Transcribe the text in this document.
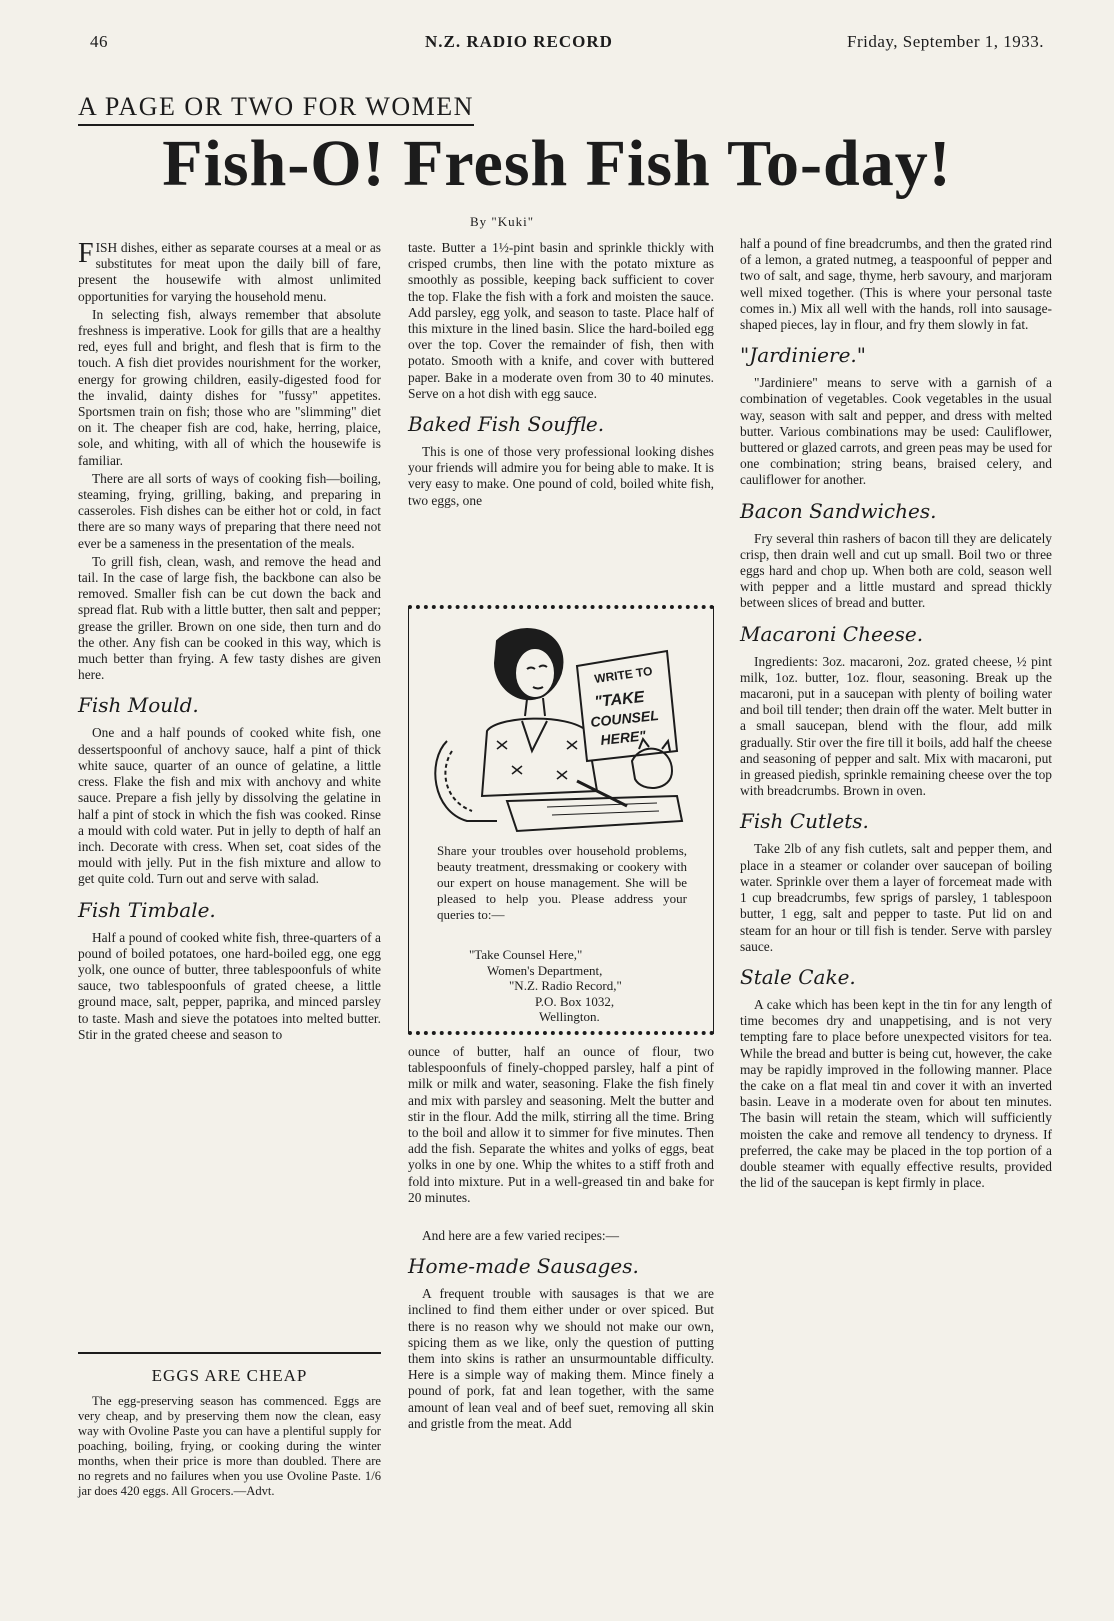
46	N.Z. RADIO RECORD	Friday, September 1, 1933.
A PAGE OR TWO FOR WOMEN
Fish-O! Fresh Fish To-day!
By "Kuki"

FISH dishes, either as separate courses at a meal or as substitutes for meat upon the daily bill of fare, present the housewife with almost unlimited opportunities for varying the household menu.

In selecting fish, always remember that absolute freshness is imperative. Look for gills that are a healthy red, eyes full and bright, and flesh that is firm to the touch. A fish diet provides nourishment for the worker, energy for growing children, easily-digested food for the invalid, dainty dishes for "fussy" appetites. Sportsmen train on fish; those who are "slimming" diet on it. The cheaper fish are cod, hake, herring, plaice, sole, and whiting, with all of which the housewife is familiar.

There are all sorts of ways of cooking fish—boiling, steaming, frying, grilling, baking, and preparing in casseroles. Fish dishes can be either hot or cold, in fact there are so many ways of preparing that there need not ever be a sameness in the presentation of the meals.

To grill fish, clean, wash, and remove the head and tail. In the case of large fish, the backbone can also be removed. Smaller fish can be cut down the back and spread flat. Rub with a little butter, then salt and pepper; grease the griller. Brown on one side, then turn and do the other. Any fish can be cooked in this way, which is much better than frying. A few tasty dishes are given here.

Fish Mould.

One and a half pounds of cooked white fish, one dessertspoonful of anchovy sauce, half a pint of thick white sauce, quarter of an ounce of gelatine, a little cress. Flake the fish and mix with anchovy and white sauce. Prepare a fish jelly by dissolving the gelatine in half a pint of stock in which the fish was cooked. Rinse a mould with cold water. Put in jelly to depth of half an inch. Decorate with cress. When set, coat sides of the mould with jelly. Put in the fish mixture and allow to get quite cold. Turn out and serve with salad.

Fish Timbale.

Half a pound of cooked white fish, three-quarters of a pound of boiled potatoes, one hard-boiled egg, one egg yolk, one ounce of butter, three tablespoonfuls of white sauce, two tablespoonfuls of grated cheese, a little ground mace, salt, pepper, paprika, and minced parsley to taste. Mash and sieve the potatoes into melted butter. Stir in the grated cheese and season to

EGGS ARE CHEAP

The egg-preserving season has commenced. Eggs are very cheap, and by preserving them now the clean, easy way with Ovoline Paste you can have a plentiful supply for poaching, boiling, frying, or cooking during the winter months, when their price is more than doubled. There are no regrets and no failures when you use Ovoline Paste. 1/6 jar does 420 eggs. All Grocers.—Advt.

taste. Butter a 1½-pint basin and sprinkle thickly with crisped crumbs, then line with the potato mixture as smoothly as possible, keeping back sufficient to cover the top. Flake the fish with a fork and moisten the sauce. Add parsley, egg yolk, and season to taste. Place half of this mixture in the lined basin. Slice the hard-boiled egg over the top. Cover the remainder of fish, then with potato. Smooth with a knife, and cover with buttered paper. Bake in a moderate oven from 30 to 40 minutes. Serve on a hot dish with egg sauce.

Baked Fish Souffle.

This is one of those very professional looking dishes your friends will admire you for being able to make. It is very easy to make. One pound of cold, boiled white fish, two eggs, one

WRITE TO
"TAKE
COUNSEL
HERE"
Share your troubles over household problems, beauty treatment, dressmaking or cookery with our expert on house management. She will be pleased to help you. Please address your queries to:—
"Take Counsel Here,"
Women's Department,
"N.Z. Radio Record,"
P.O. Box 1032,
Wellington.

ounce of butter, half an ounce of flour, two tablespoonfuls of finely-chopped parsley, half a pint of milk or milk and water, seasoning. Flake the fish finely and mix with parsley and seasoning. Melt the butter and stir in the flour. Add the milk, stirring all the time. Bring to the boil and allow it to simmer for five minutes. Then add the fish. Separate the whites and yolks of eggs, beat yolks in one by one. Whip the whites to a stiff froth and fold into mixture. Put in a well-greased tin and bake for 20 minutes.

And here are a few varied recipes:—

Home-made Sausages.

A frequent trouble with sausages is that we are inclined to find them either under or over spiced. But there is no reason why we should not make our own, spicing them as we like, only the question of putting them into skins is rather an unsurmountable difficulty. Here is a simple way of making them. Mince finely a pound of pork, fat and lean together, with the same amount of lean veal and of beef suet, removing all skin and gristle from the meat. Add

half a pound of fine breadcrumbs, and then the grated rind of a lemon, a grated nutmeg, a teaspoonful of pepper and two of salt, and sage, thyme, herb savoury, and marjoram well mixed together. (This is where your personal taste comes in.) Mix all well with the hands, roll into sausage-shaped pieces, lay in flour, and fry them slowly in fat.

"Jardiniere."

"Jardiniere" means to serve with a garnish of a combination of vegetables. Cook vegetables in the usual way, season with salt and pepper, and dress with melted butter. Various combinations may be used: Cauliflower, buttered or glazed carrots, and green peas may be used for one combination; string beans, braised celery, and cauliflower for another.

Bacon Sandwiches.

Fry several thin rashers of bacon till they are delicately crisp, then drain well and cut up small. Boil two or three eggs hard and chop up. When both are cold, season well with pepper and a little mustard and spread thickly between slices of bread and butter.

Macaroni Cheese.

Ingredients: 3oz. macaroni, 2oz. grated cheese, ½ pint milk, 1oz. butter, 1oz. flour, seasoning. Break up the macaroni, put in a saucepan with plenty of boiling water and boil till tender; then drain off the water. Melt butter in a small saucepan, blend with the flour, add milk gradually. Stir over the fire till it boils, add half the cheese and seasoning of pepper and salt. Mix with macaroni, put in greased piedish, sprinkle remaining cheese over the top with breadcrumbs. Brown in oven.

Fish Cutlets.

Take 2lb of any fish cutlets, salt and pepper them, and place in a steamer or colander over saucepan of boiling water. Sprinkle over them a layer of forcemeat made with 1 cup breadcrumbs, few sprigs of parsley, 1 tablespoon butter, 1 egg, salt and pepper to taste. Put lid on and steam for an hour or till fish is tender. Serve with parsley sauce.

Stale Cake.

A cake which has been kept in the tin for any length of time becomes dry and unappetising, and is not very tempting fare to place before unexpected visitors for tea. While the bread and butter is being cut, however, the cake may be rapidly improved in the following manner. Place the cake on a flat meal tin and cover it with an inverted basin. Leave in a moderate oven for about ten minutes. The basin will retain the steam, which will sufficiently moisten the cake and remove all tendency to dryness. If preferred, the cake may be placed in the top portion of a double steamer with equally effective results, provided the lid of the saucepan is kept firmly in place.
